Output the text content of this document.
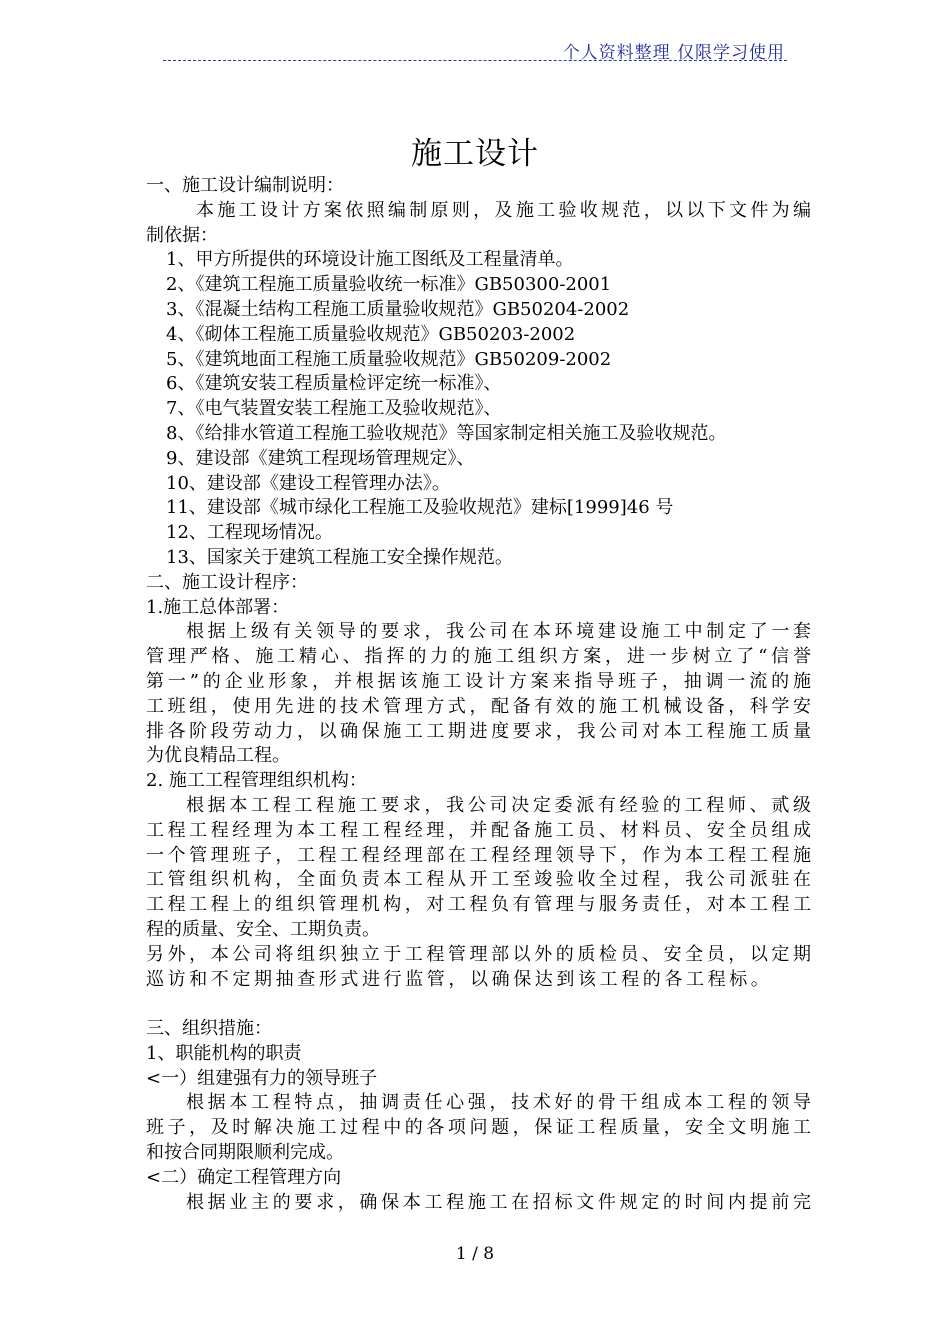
个人资料整理 仅限学习使用
施工设计
一、施工设计编制说明：
本施工设计方案依照编制原则，及施工验收规范，以以下文件为编
制依据：
1、甲方所提供的环境设计施工图纸及工程量清单。
2、《建筑工程施工质量验收统一标准》GB50300-2001
3、《混凝土结构工程施工质量验收规范》GB50204-2002
4、《砌体工程施工质量验收规范》GB50203-2002
5、《建筑地面工程施工质量验收规范》GB50209-2002
6、《建筑安装工程质量检评定统一标准》、
7、《电气装置安装工程施工及验收规范》、
8、《给排水管道工程施工验收规范》等国家制定相关施工及验收规范。
9、建设部《建筑工程现场管理规定》、
10、建设部《建设工程管理办法》。
11、建设部《城市绿化工程施工及验收规范》建标[1999]46 号
12、工程现场情况。
13、国家关于建筑工程施工安全操作规范。
二、施工设计程序：
1.施工总体部署：
根据上级有关领导的要求，我公司在本环境建设施工中制定了一套
管理严格、施工精心、指挥的力的施工组织方案，进一步树立了“信誉
第一”的企业形象，并根据该施工设计方案来指导班子，抽调一流的施
工班组，使用先进的技术管理方式，配备有效的施工机械设备，科学安
排各阶段劳动力，以确保施工工期进度要求，我公司对本工程施工质量
为优良精品工程。
2. 施工工程管理组织机构：
根据本工程工程施工要求，我公司决定委派有经验的工程师、贰级
工程工程经理为本工程工程经理，并配备施工员、材料员、安全员组成
一个管理班子，工程工程经理部在工程经理领导下，作为本工程工程施
工管组织机构，全面负责本工程从开工至竣验收全过程，我公司派驻在
工程工程上的组织管理机构，对工程负有管理与服务责任，对本工程工
程的质量、安全、工期负责。
另外，本公司将组织独立于工程管理部以外的质检员、安全员，以定期
巡访和不定期抽查形式进行监管，以确保达到该工程的各工程标。
三、组织措施：
1、职能机构的职责
<一）组建强有力的领导班子
根据本工程特点，抽调责任心强，技术好的骨干组成本工程的领导
班子，及时解决施工过程中的各项问题，保证工程质量，安全文明施工
和按合同期限顺利完成。
<二）确定工程管理方向
根据业主的要求，确保本工程施工在招标文件规定的时间内提前完
1 / 8
